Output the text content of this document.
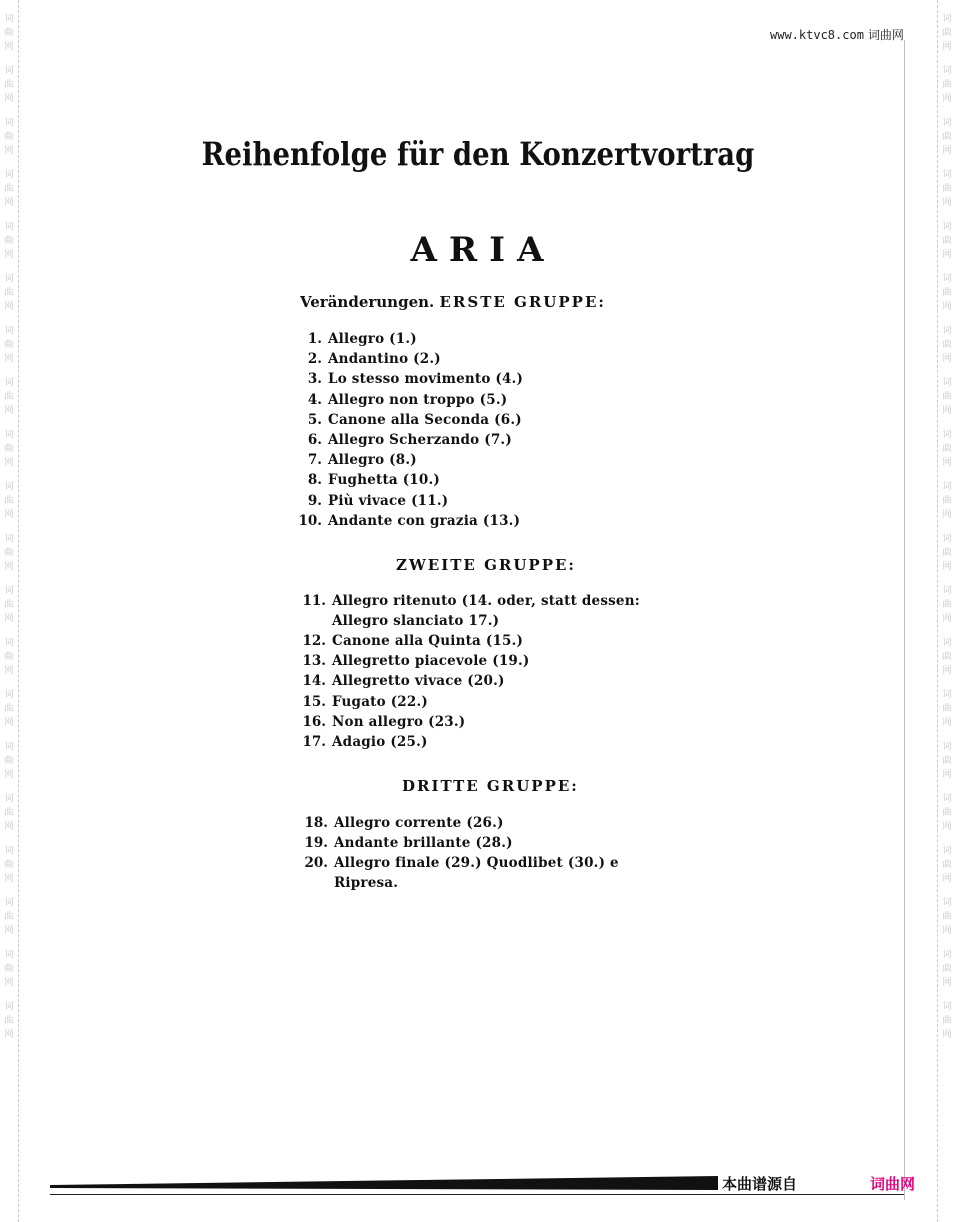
词
曲
网
词
曲
网
词
曲
网
词
曲
网
词
曲
网
词
曲
网
词
曲
网
词
曲
网
词
曲
网
词
曲
网
词
曲
网
词
曲
网
词
曲
网
词
曲
网
词
曲
网
词
曲
网
词
曲
网
词
曲
网
词
曲
网
词
曲
网
词
曲
网
词
曲
网
词
曲
网
词
曲
网
词
曲
网
词
曲
网
词
曲
网
词
曲
网
词
曲
网
词
曲
网
词
曲
网
词
曲
网
词
曲
网
词
曲
网
词
曲
网
词
曲
网
词
曲
网
词
曲
网
词
曲
网
词
曲
网
www.ktvc8.com 词曲网
Reihenfolge für den Konzertvortrag
ARIA
Veränderungen. ERSTE GRUPPE:
1. Allegro (1.)
2. Andantino (2.)
3. Lo stesso movimento (4.)
4. Allegro non troppo (5.)
5. Canone alla Seconda (6.)
6. Allegro Scherzando (7.)
7. Allegro (8.)
8. Fughetta (10.)
9. Più vivace (11.)
10. Andante con grazia (13.)
ZWEITE GRUPPE:
11. Allegro ritenuto (14. oder, statt dessen: Allegro slanciato 17.)
12. Canone alla Quinta (15.)
13. Allegretto piacevole (19.)
14. Allegretto vivace (20.)
15. Fugato (22.)
16. Non allegro (23.)
17. Adagio (25.)
DRITTE GRUPPE:
18. Allegro corrente (26.)
19. Andante brillante (28.)
20. Allegro finale (29.) Quodlibet (30.) e Ripresa.
本曲谱源自	词曲网
